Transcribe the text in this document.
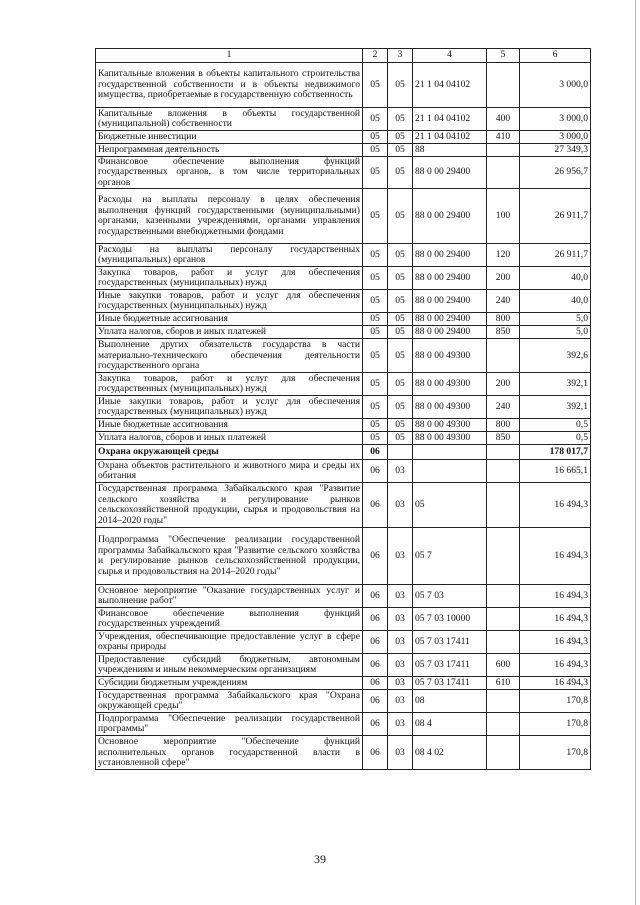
1	2	3	4	5	6
Капитальные вложения в объекты капитального строительства государственной собственности и в объекты недвижимого имущества, приобретаемые в государственную собственность	05	05	21 1 04 04102		3 000,0
Капитальные вложения в объекты государственной (муниципальной) собственности	05	05	21 1 04 04102	400	3 000,0
Бюджетные инвестиции	05	05	21 1 04 04102	410	3 000,0
Непрограммная деятельность	05	05	88		27 349,3
Финансовое обеспечение выполнения функций государственных органов, в том числе территориальных органов	05	05	88 0 00 29400		26 956,7
Расходы на выплаты персоналу в целях обеспечения выполнения функций государственными (муниципальными) органами, казенными учреждениями, органами управления государственными внебюджетными фондами	05	05	88 0 00 29400	100	26 911,7
Расходы на выплаты персоналу государственных (муниципальных) органов	05	05	88 0 00 29400	120	26 911,7
Закупка товаров, работ и услуг для обеспечения государственных (муниципальных) нужд	05	05	88 0 00 29400	200	40,0
Иные закупки товаров, работ и услуг для обеспечения государственных (муниципальных) нужд	05	05	88 0 00 29400	240	40,0
Иные бюджетные ассигнования	05	05	88 0 00 29400	800	5,0
Уплата налогов, сборов и иных платежей	05	05	88 0 00 29400	850	5,0
Выполнение других обязательств государства в части материально-технического обеспечения деятельности государственного органа	05	05	88 0 00 49300		392,6
Закупка товаров, работ и услуг для обеспечения государственных (муниципальных) нужд	05	05	88 0 00 49300	200	392,1
Иные закупки товаров, работ и услуг для обеспечения государственных (муниципальных) нужд	05	05	88 0 00 49300	240	392,1
Иные бюджетные ассигнования	05	05	88 0 00 49300	800	0,5
Уплата налогов, сборов и иных платежей	05	05	88 0 00 49300	850	0,5
Охрана окружающей среды	06				178 017,7
Охрана объектов растительного и животного мира и среды их обитания	06	03			16 665,1
Государственная программа Забайкальского края "Развитие сельского хозяйства и регулирование рынков сельскохозяйственной продукции, сырья и продовольствия на 2014–2020 годы"	06	03	05		16 494,3
Подпрограмма "Обеспечение реализации государственной программы Забайкальского края "Развитие сельского хозяйства и регулирование рынков сельскохозяйственной продукции, сырья и продовольствия на 2014–2020 годы"	06	03	05 7		16 494,3
Основное мероприятие "Оказание государственных услуг и выполнение работ"	06	03	05 7 03		16 494,3
Финансовое обеспечение выполнения функций государственных учреждений	06	03	05 7 03 10000		16 494,3
Учреждения, обеспечивающие предоставление услуг в сфере охраны природы	06	03	05 7 03 17411		16 494,3
Предоставление субсидий бюджетным, автономным учреждениям и иным некоммерческим организациям	06	03	05 7 03 17411	600	16 494,3
Субсидии бюджетным учреждениям	06	03	05 7 03 17411	610	16 494,3
Государственная программа Забайкальского края "Охрана окружающей среды"	06	03	08		170,8
Подпрограмма "Обеспечение реализации государственной программы"	06	03	08 4		170,8
Основное мероприятие "Обеспечение функций исполнительных органов государственной власти в установленной сфере"	06	03	08 4 02		170,8
39
